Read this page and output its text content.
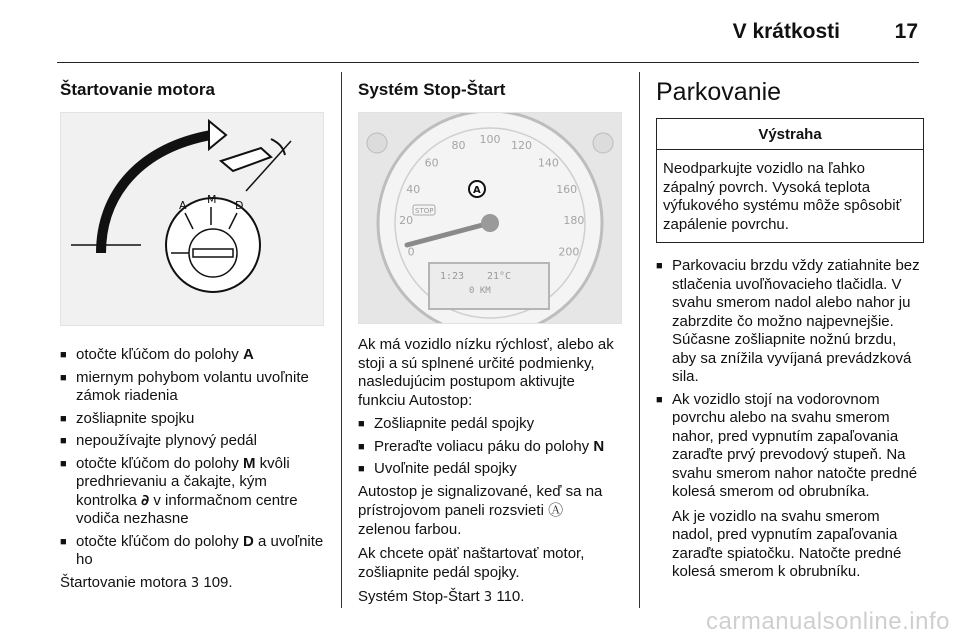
V krátkosti	17
Štartovanie motora
A M D
■ otočte kľúčom do polohy A
■ miernym pohybom volantu uvoľnite zámok riadenia
■ zošliapnite spojku
■ nepoužívajte plynový pedál
■ otočte kľúčom do polohy M kvôli predhrievaniu a čakajte, kým kontrolka 𝟃 v informačnom centre vodiča nezhasne
■ otočte kľúčom do polohy D a uvoľnite ho

Štartovanie motora 3 109.

Systém Stop-Štart
A
1:23 21°C
0 KM
STOP
0
20
40
60
80 100 120
140
160
180
200

Ak má vozidlo nízku rýchlosť, alebo ak stoji a sú splnené určité podmienky, nasledujúcim postupom aktivujte funkciu Autostop:

■ Zošliapnite pedál spojky
■ Preraďte voliacu páku do polohy N
■ Uvoľnite pedál spojky

Autostop je signalizované, keď sa na prístrojovom paneli rozsvieti Ⓐ
zelenou farbou.

Ak chcete opäť naštartovať motor, zošliapnite pedál spojky.

Systém Stop-Štart 3 110.

Parkovanie
Výstraha
Neodparkujte vozidlo na ľahko zápalný povrch. Vysoká teplota výfukového systému môže spôsobiť zapálenie povrchu.
■ Parkovaciu brzdu vždy zatiahnite bez stlačenia uvoľňovacieho tlačidla. V svahu smerom nadol alebo nahor ju zabrzdite čo možno najpevnejšie. Súčasne zošliapnite nožnú brzdu, aby sa znížila vyvíjaná prevádzková sila.
■ Ak vozidlo stojí na vodorovnom povrchu alebo na svahu smerom nahor, pred vypnutím zapaľovania zaraďte prvý prevodový stupeň. Na svahu smerom nahor natočte predné kolesá smerom od obrubníka.

Ak je vozidlo na svahu smerom nadol, pred vypnutím zapaľovania zaraďte spiatočku. Natočte predné kolesá smerom k obrubníku.

carmanualsonline.info
